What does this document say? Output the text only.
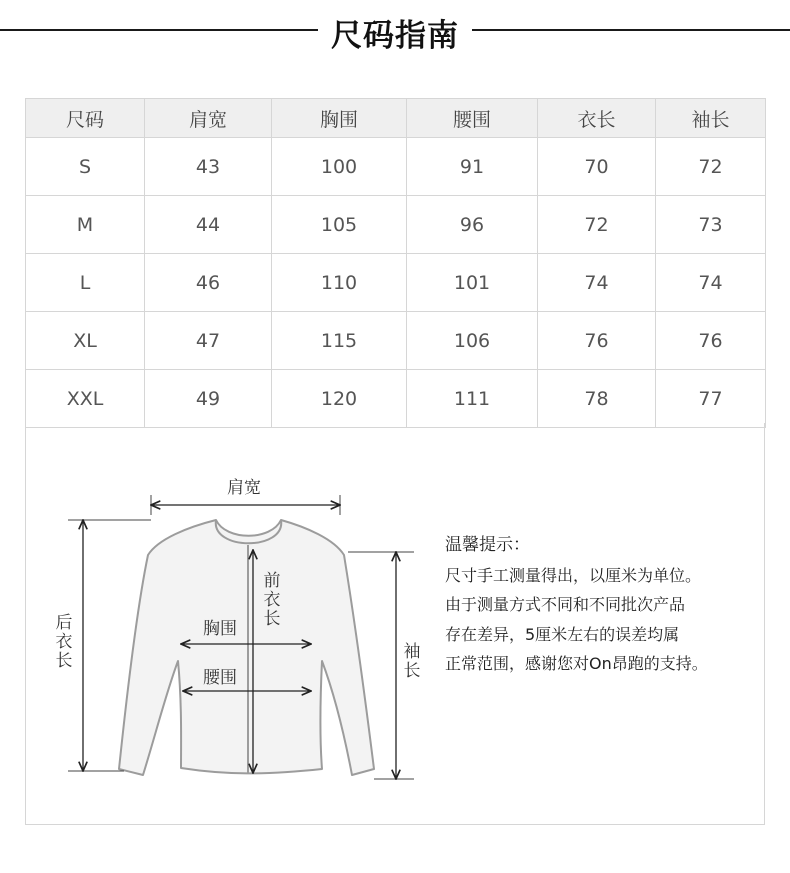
尺码指南
尺码	肩宽	胸围	腰围	衣长	袖长
S	43	100	91	70	72
M	44	105	96	72	73
L	46	110	101	74	74
XL	47	115	106	76	76
XXL	49	120	111	78	77
肩宽
后
衣
长
前
衣
长
胸围
腰围
袖
长
温馨提示：
尺寸手工测量得出，以厘米为单位。
由于测量方式不同和不同批次产品
存在差异，5厘米左右的误差均属
正常范围，感谢您对On昂跑的支持。
